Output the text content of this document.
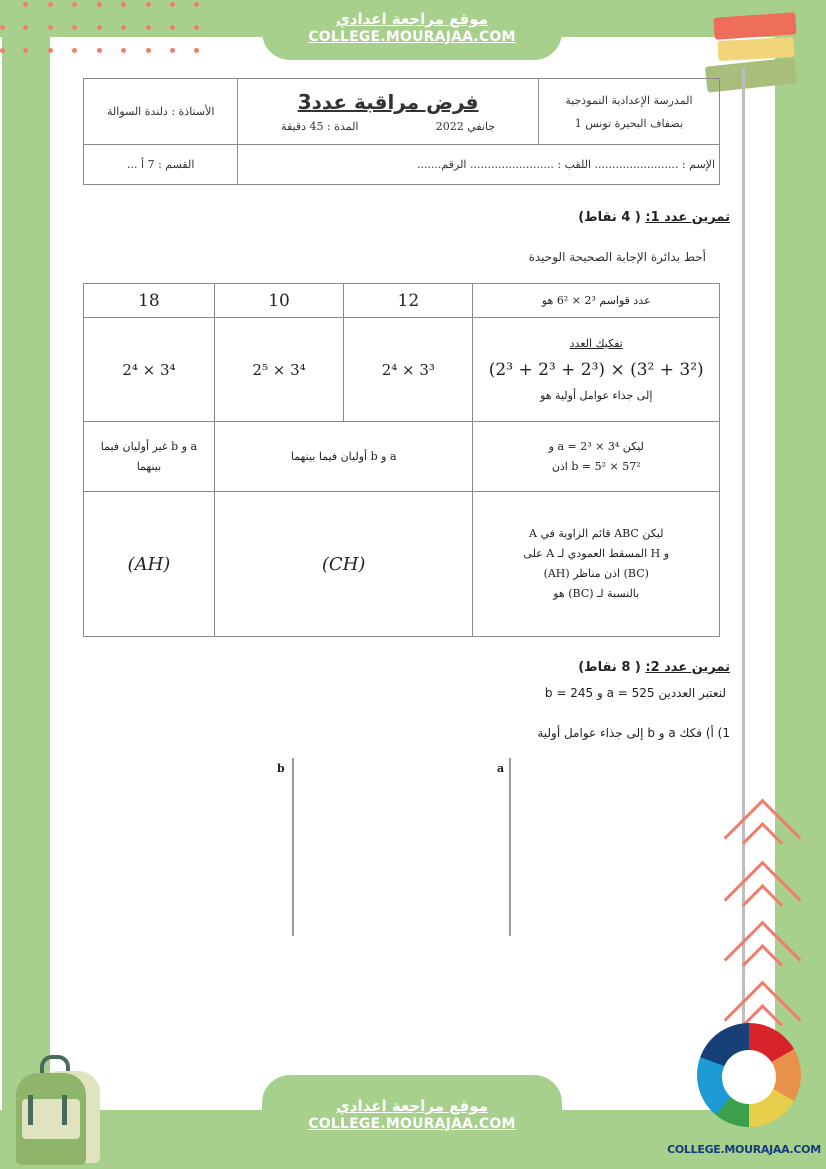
موقع مراجعة اعدادي
COLLEGE.MOURAJAA.COM
المدرسة الإعدادية النموذجية
بضفاف البحيرة تونس 1

فرض مراقبة عدد3
جانفي 2022
المدة : 45 دقيقة
	الأستاذة : دلندة السوالة
الإسم : ........................ اللقب : ........................ الرقم.......		القسم : 7 أ ...
تمرين عدد 1: ( 4 نقاط)
أحط بدائرة الإجابة الصحيحة الوحيدة
عدد قواسم 2³ × 6² هو	12	10	18

تفكيك العدد
(2³ + 2³ + 2³) × (3² + 3²)
إلى جذاء عوامل أولية هو	2⁴ × 3³	2⁵ × 3⁴	2⁴ × 3⁴

ليكن a = 2³ × 3⁴ و
b = 5² × 57² اذن	a و b أوليان فيما بينهما		a و b غير أوليان فيما بينهما

ليكن ABC قائم الزاوية في A
و H المسقط العمودي لـ A على
(BC) اذن مناظر (AH)
بالنسبة لـ (BC) هو	(CH)		(AH)
تمرين عدد 2: ( 8 نقاط)
لنعتبر العددين a = 525 و b = 245
1) أ) فكك a و b إلى جذاء عوامل أولية
a
b
موقع مراجعة اعدادي
COLLEGE.MOURAJAA.COM
COLLEGE.MOURAJAA.COM
